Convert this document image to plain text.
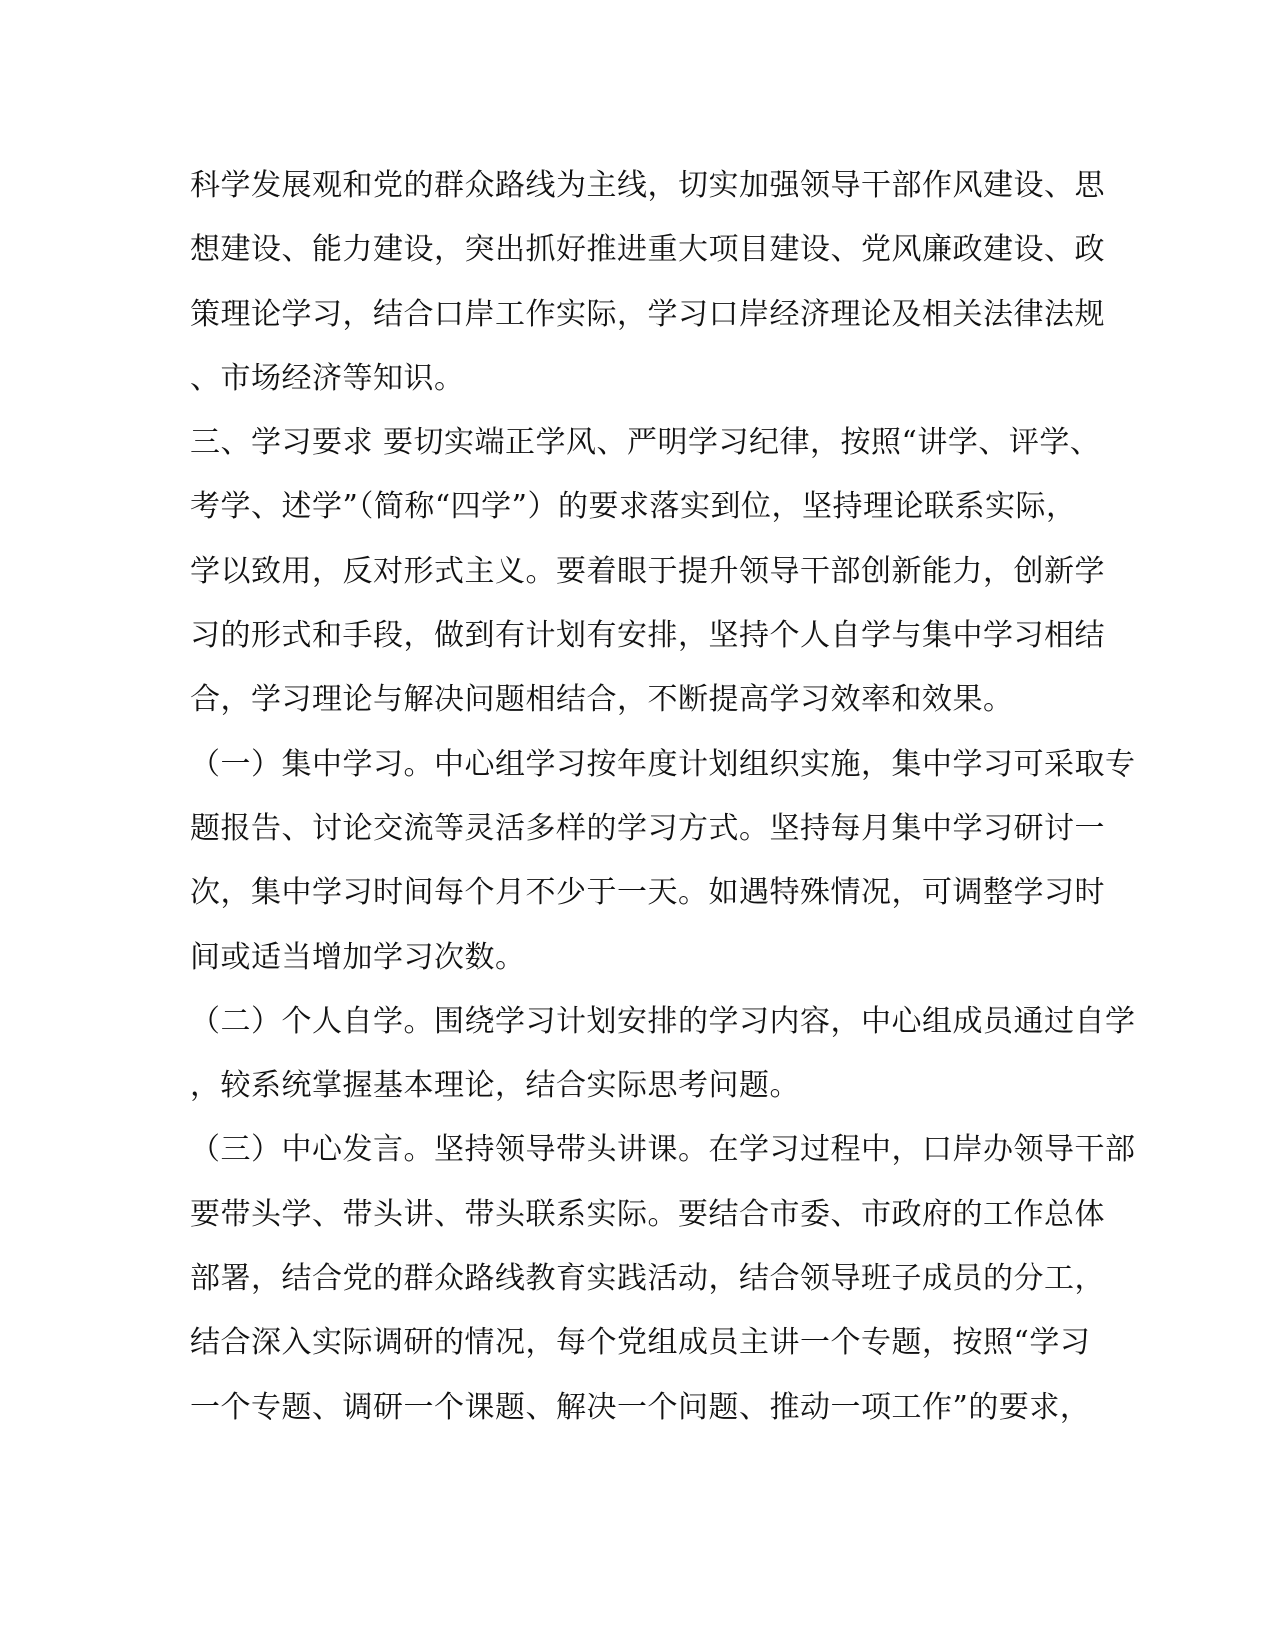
科学发展观和党的群众路线为主线，切实加强领导干部作风建设、思
想建设、能力建设，突出抓好推进重大项目建设、党风廉政建设、政
策理论学习，结合口岸工作实际，学习口岸经济理论及相关法律法规
、市场经济等知识。
三、学习要求 要切实端正学风、严明学习纪律，按照“讲学、评学、
考学、述学”（简称“四学”）的要求落实到位，坚持理论联系实际，
学以致用，反对形式主义。要着眼于提升领导干部创新能力，创新学
习的形式和手段，做到有计划有安排，坚持个人自学与集中学习相结
合，学习理论与解决问题相结合，不断提高学习效率和效果。
（一）集中学习。中心组学习按年度计划组织实施，集中学习可采取专
题报告、讨论交流等灵活多样的学习方式。坚持每月集中学习研讨一
次，集中学习时间每个月不少于一天。如遇特殊情况，可调整学习时
间或适当增加学习次数。
（二）个人自学。围绕学习计划安排的学习内容，中心组成员通过自学
，较系统掌握基本理论，结合实际思考问题。
（三）中心发言。坚持领导带头讲课。在学习过程中，口岸办领导干部
要带头学、带头讲、带头联系实际。要结合市委、市政府的工作总体
部署，结合党的群众路线教育实践活动，结合领导班子成员的分工，
结合深入实际调研的情况，每个党组成员主讲一个专题，按照“学习
一个专题、调研一个课题、解决一个问题、推动一项工作”的要求，
